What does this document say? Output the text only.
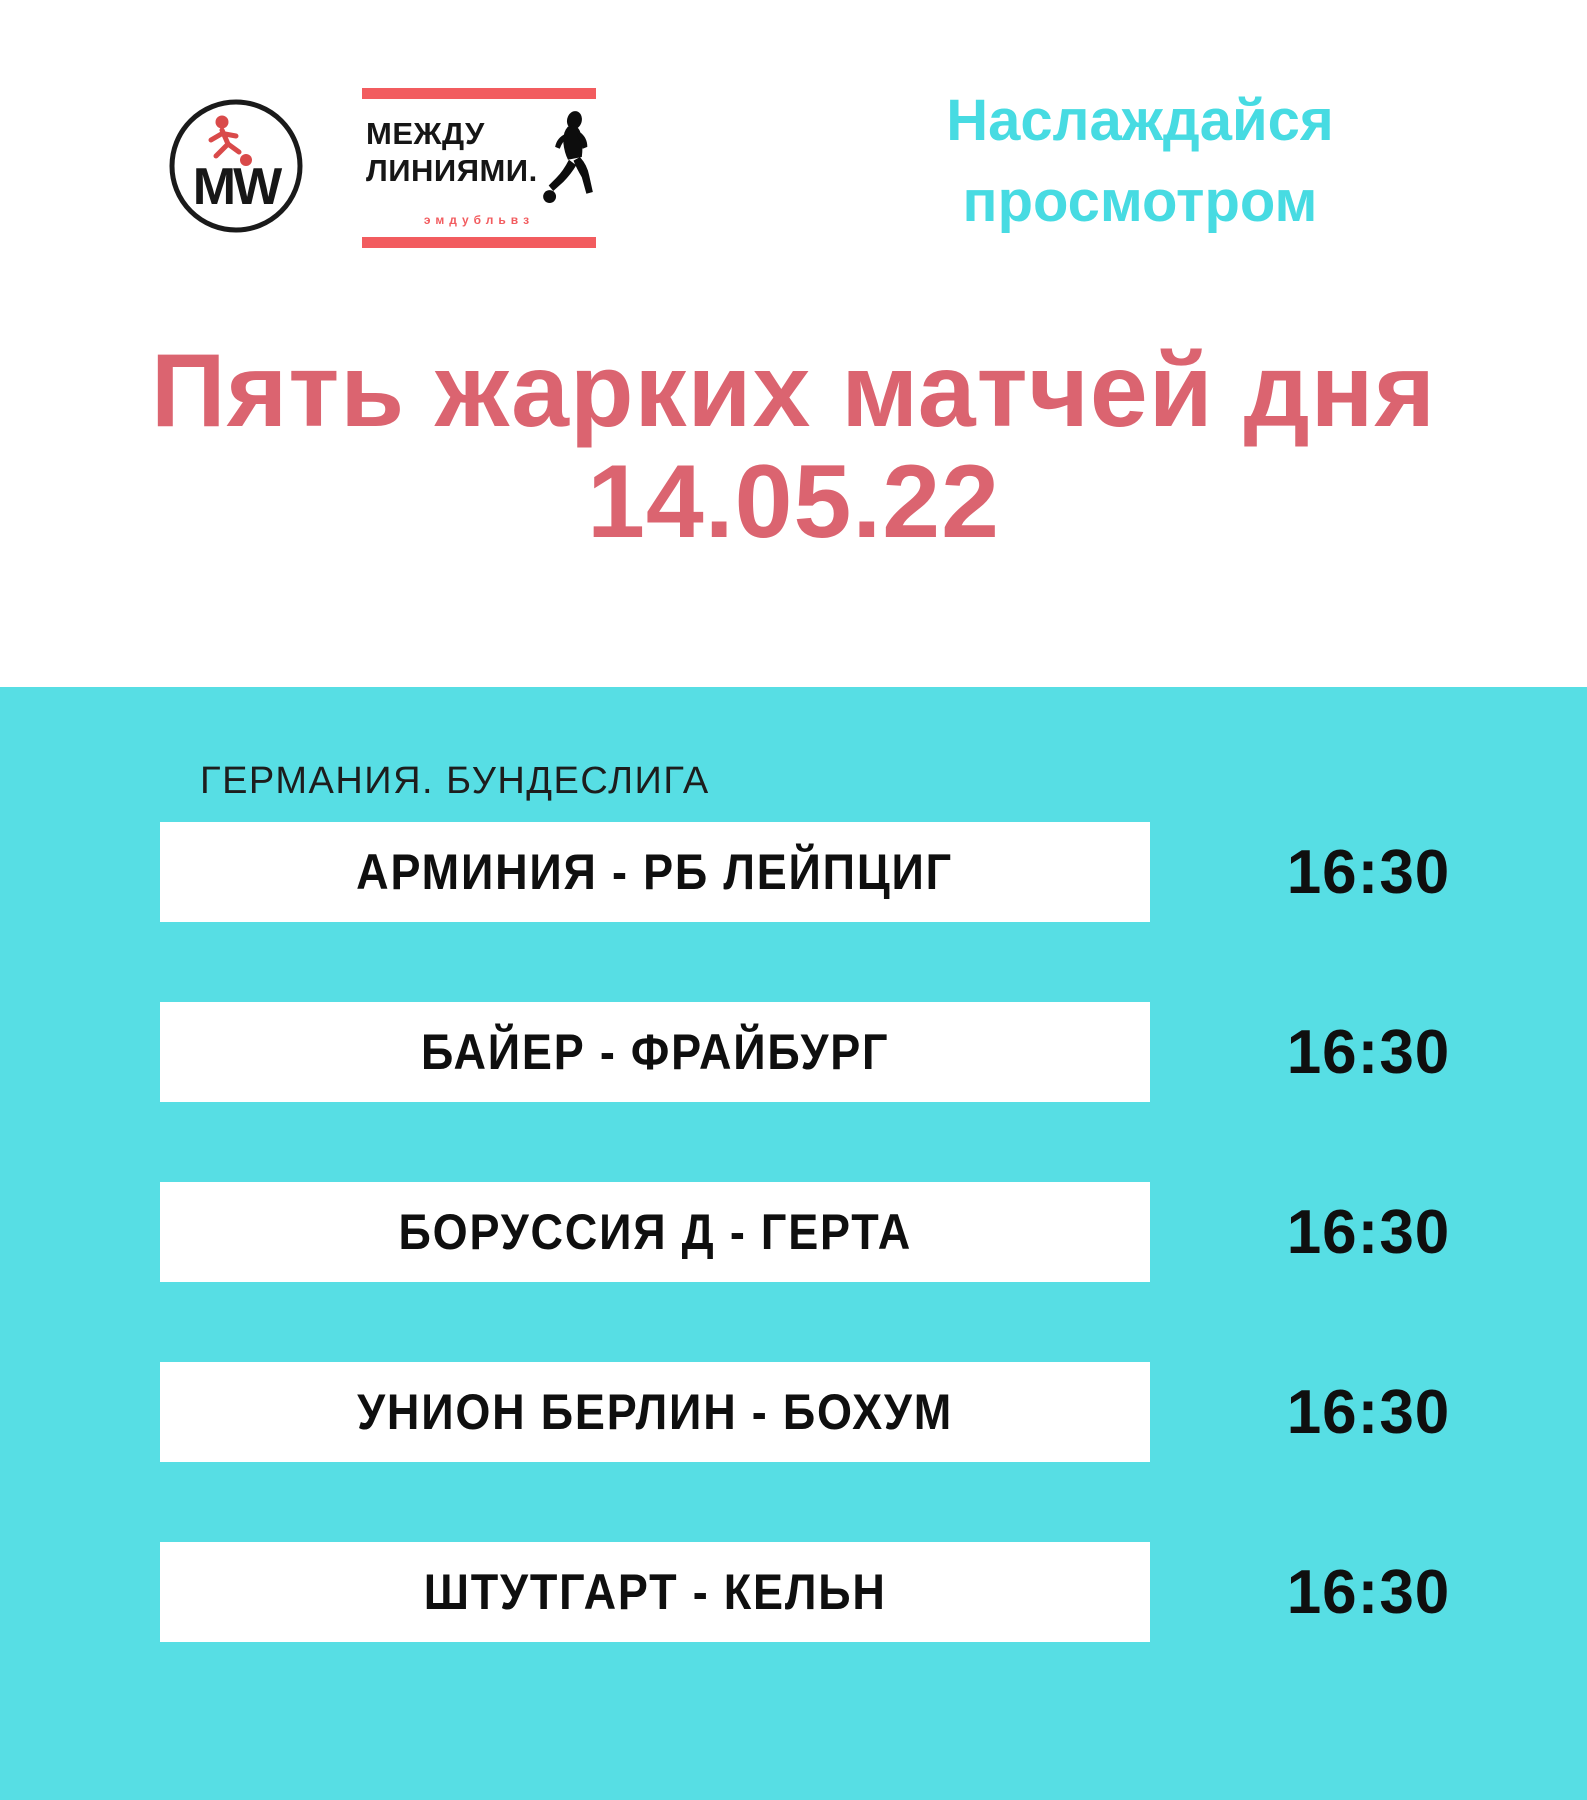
MW
МЕЖДУ
ЛИНИЯМИ.
эмдубльвз
Наслаждайся
просмотром
Пять жарких матчей дня
14.05.22
ГЕРМАНИЯ. БУНДЕСЛИГА
АРМИНИЯ - РБ ЛЕЙПЦИГ	16:30
БАЙЕР - ФРАЙБУРГ	16:30
БОРУССИЯ Д - ГЕРТА	16:30
УНИОН БЕРЛИН - БОХУМ	16:30
ШТУТГАРТ - КЕЛЬН	16:30
